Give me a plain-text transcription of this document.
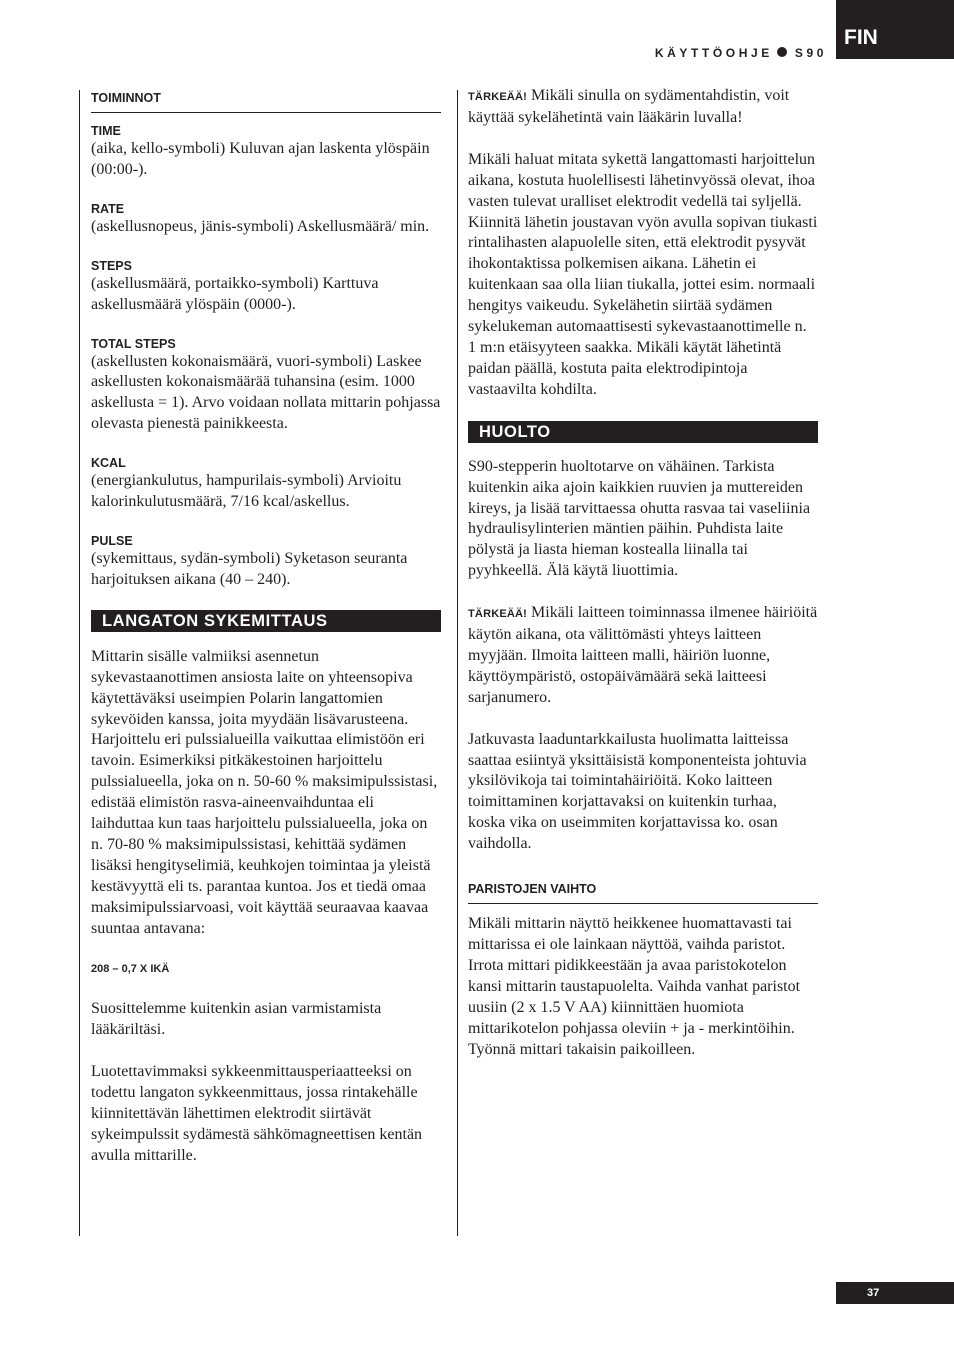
FIN
KÄYTTÖOHJE S90
TOIMINNOT
TIME

(aika, kello-symboli) Kuluvan ajan laskenta ylöspäin (00:00-).

RATE

(askellusnopeus, jänis-symboli) Askellusmäärä/ min.

STEPS

(askellusmäärä, portaikko-symboli) Karttuva askellusmäärä ylöspäin (0000-).

TOTAL STEPS

(askellusten kokonaismäärä, vuori-symboli) Laskee askellusten kokonaismäärää tuhansina (esim. 1000 askellusta = 1). Arvo voidaan nollata mittarin pohjassa olevasta pienestä painikkeesta.

KCAL

(energiankulutus, hampurilais-symboli) Arvioitu kalorinkulutusmäärä, 7/16 kcal/askellus.

PULSE

(sykemittaus, sydän-symboli) Syketason seuranta harjoituksen aikana (40 – 240).

LANGATON SYKEMITTAUS

Mittarin sisälle valmiiksi asennetun sykevastaanottimen ansiosta laite on yhteensopiva käytettäväksi useimpien Polarin langattomien sykevöiden kanssa, joita myydään lisävarusteena. Harjoittelu eri pulssialueilla vaikuttaa elimistöön eri tavoin. Esimerkiksi pitkäkestoinen harjoittelu pulssialueella, joka on n. 50-60 % maksimipulssistasi, edistää elimistön rasva-aineenvaihduntaa eli laihduttaa kun taas harjoittelu pulssialueella, joka on n. 70-80 % maksimipulssistasi, kehittää sydämen lisäksi hengityselimiä, keuhkojen toimintaa ja yleistä kestävyyttä eli ts. parantaa kuntoa. Jos et tiedä omaa maksimipulssiarvoasi, voit käyttää seuraavaa kaavaa suuntaa antavana:

208 – 0,7 X IKÄ

Suosittelemme kuitenkin asian varmistamista lääkäriltäsi.

Luotettavimmaksi sykkeenmittausperiaatteeksi on todettu langaton sykkeenmittaus, jossa rintakehälle kiinnitettävän lähettimen elektrodit siirtävät sykeimpulssit sydämestä sähkömagneettisen kentän avulla mittarille.

TÄRKEÄÄ! Mikäli sinulla on sydämentahdistin, voit käyttää sykelähetintä vain lääkärin luvalla!

Mikäli haluat mitata sykettä langattomasti harjoittelun aikana, kostuta huolellisesti lähetinvyössä olevat, ihoa vasten tulevat uralliset elektrodit vedellä tai syljellä. Kiinnitä lähetin joustavan vyön avulla sopivan tiukasti rintalihasten alapuolelle siten, että elektrodit pysyvät ihokontaktissa polkemisen aikana. Lähetin ei kuitenkaan saa olla liian tiukalla, jottei esim. normaali hengitys vaikeudu. Sykelähetin siirtää sydämen sykelukeman automaattisesti sykevastaanottimelle n. 1 m:n etäisyyteen saakka. Mikäli käytät lähetintä paidan päällä, kostuta paita elektrodipintoja vastaavilta kohdilta.

HUOLTO

S90-stepperin huoltotarve on vähäinen. Tarkista kuitenkin aika ajoin kaikkien ruuvien ja muttereiden kireys, ja lisää tarvittaessa ohutta rasvaa tai vaseliinia hydraulisylinterien mäntien päihin. Puhdista laite pölystä ja liasta hieman kostealla liinalla tai pyyhkeellä. Älä käytä liuottimia.

TÄRKEÄÄ! Mikäli laitteen toiminnassa ilmenee häiriöitä käytön aikana, ota välittömästi yhteys laitteen myyjään. Ilmoita laitteen malli, häiriön luonne, käyttöympäristö, ostopäivämäärä sekä laitteesi sarjanumero.

Jatkuvasta laaduntarkkailusta huolimatta laitteissa saattaa esiintyä yksittäisistä komponenteista johtuvia yksilövikoja tai toimintahäiriöitä. Koko laitteen toimittaminen korjattavaksi on kuitenkin turhaa, koska vika on useimmiten korjattavissa ko. osan vaihdolla.

PARISTOJEN VAIHTO

Mikäli mittarin näyttö heikkenee huomattavasti tai mittarissa ei ole lainkaan näyttöä, vaihda paristot. Irrota mittari pidikkeestään ja avaa paristokotelon kansi mittarin taustapuolelta. Vaihda vanhat paristot uusiin (2 x 1.5 V AA) kiinnittäen huomiota mittarikotelon pohjassa oleviin + ja - merkintöihin. Työnnä mittari takaisin paikoilleen.

37
